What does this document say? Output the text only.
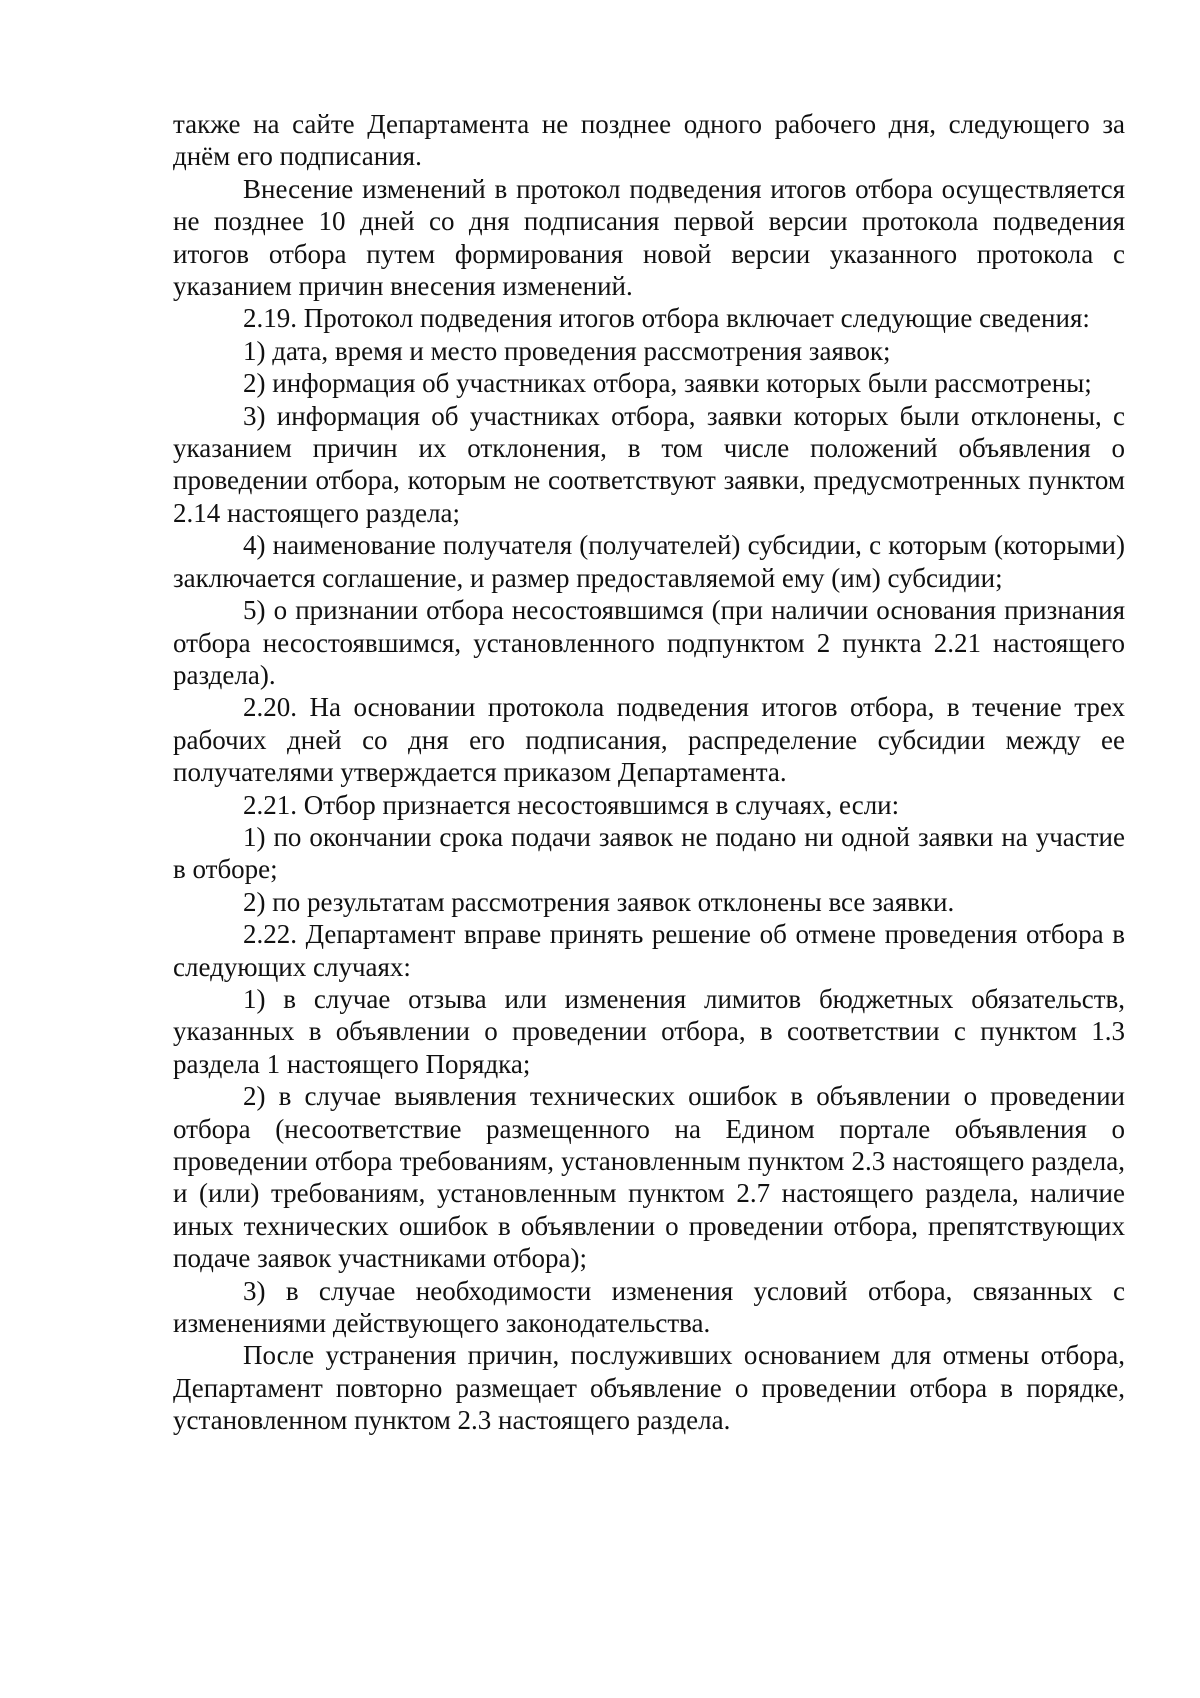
также на сайте Департамента не позднее одного рабочего дня, следующего за днём его подписания.

Внесение изменений в протокол подведения итогов отбора осуществляется не позднее 10 дней со дня подписания первой версии протокола подведения итогов отбора путем формирования новой версии указанного протокола с указанием причин внесения изменений.

2.19. Протокол подведения итогов отбора включает следующие сведения:

1) дата, время и место проведения рассмотрения заявок;

2) информация об участниках отбора, заявки которых были рассмотрены;

3) информация об участниках отбора, заявки которых были отклонены, с указанием причин их отклонения, в том числе положений объявления о проведении отбора, которым не соответствуют заявки, предусмотренных пунктом 2.14 настоящего раздела;

4) наименование получателя (получателей) субсидии, с которым (которыми) заключается соглашение, и размер предоставляемой ему (им) субсидии;

5) о признании отбора несостоявшимся (при наличии основания признания отбора несостоявшимся, установленного подпунктом 2 пункта 2.21 настоящего раздела).

2.20. На основании протокола подведения итогов отбора, в течение трех рабочих дней со дня его подписания, распределение субсидии между ее получателями утверждается приказом Департамента.

2.21. Отбор признается несостоявшимся в случаях, если:

1) по окончании срока подачи заявок не подано ни одной заявки на участие в отборе;

2) по результатам рассмотрения заявок отклонены все заявки.

2.22. Департамент вправе принять решение об отмене проведения отбора в следующих случаях:

1) в случае отзыва или изменения лимитов бюджетных обязательств, указанных в объявлении о проведении отбора, в соответствии с пунктом 1.3 раздела 1 настоящего Порядка;

2) в случае выявления технических ошибок в объявлении о проведении отбора (несоответствие размещенного на Едином портале объявления о проведении отбора требованиям, установленным пунктом 2.3 настоящего раздела, и (или) требованиям, установленным пунктом 2.7 настоящего раздела, наличие иных технических ошибок в объявлении о проведении отбора, препятствующих подаче заявок участниками отбора);

3) в случае необходимости изменения условий отбора, связанных с изменениями действующего законодательства.

После устранения причин, послуживших основанием для отмены отбора, Департамент повторно размещает объявление о проведении отбора в порядке, установленном пунктом 2.3 настоящего раздела.
